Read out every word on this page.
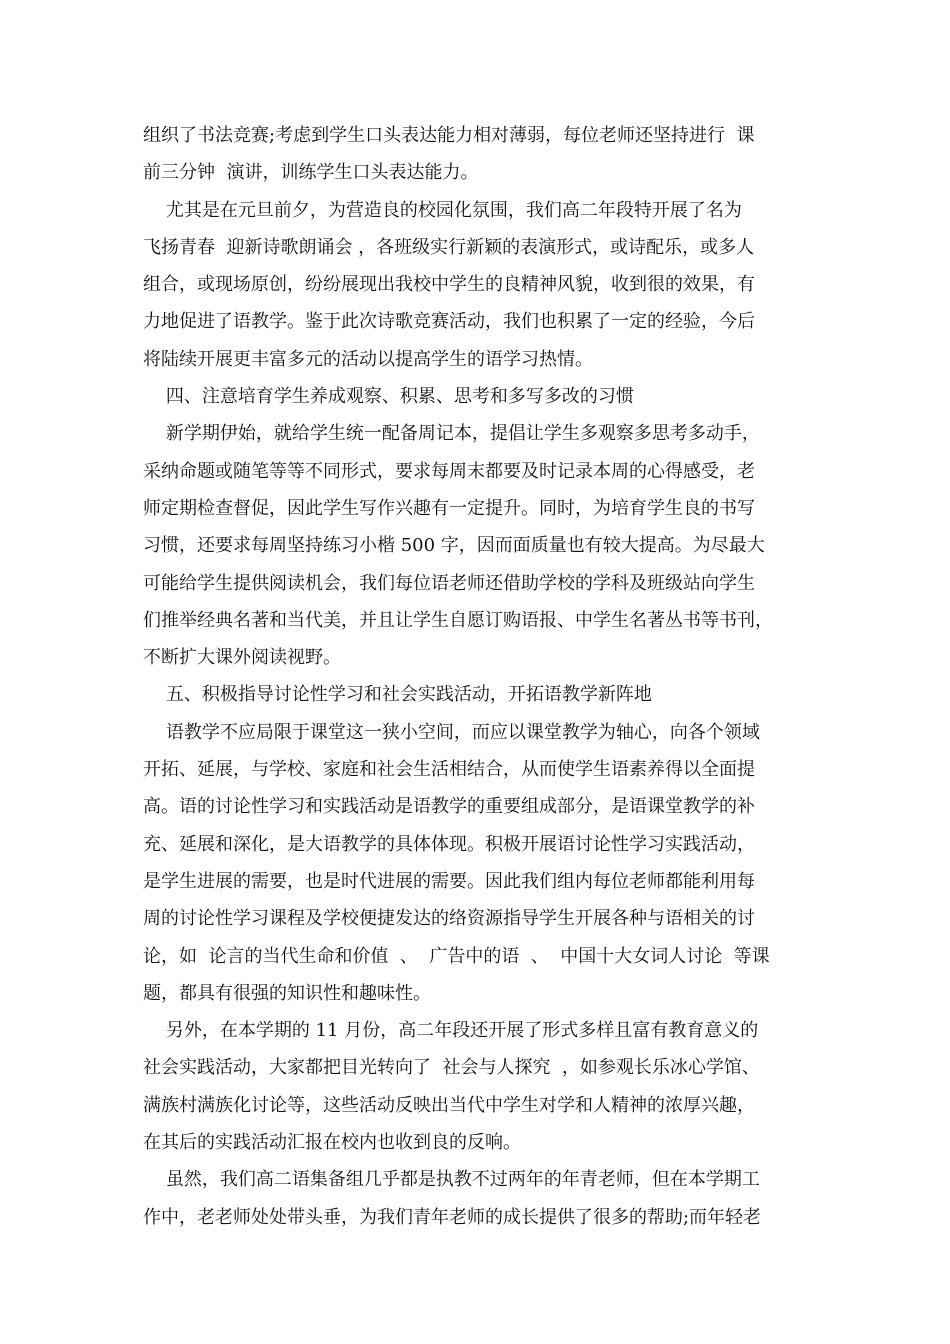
组织了书法竞赛;考虑到学生口头表达能力相对薄弱，每位老师还坚持进行  课
前三分钟  演讲，训练学生口头表达能力。
尤其是在元旦前夕，为营造良的校园化氛围，我们高二年段特开展了名为
飞扬青春  迎新诗歌朗诵会 ，各班级实行新颖的表演形式，或诗配乐，或多人
组合，或现场原创，纷纷展现出我校中学生的良精神风貌，收到很的效果，有
力地促进了语教学。鉴于此次诗歌竞赛活动，我们也积累了一定的经验，今后
将陆续开展更丰富多元的活动以提高学生的语学习热情。
四、注意培育学生养成观察、积累、思考和多写多改的习惯
新学期伊始，就给学生统一配备周记本，提倡让学生多观察多思考多动手，
采纳命题或随笔等等不同形式，要求每周末都要及时记录本周的心得感受，老
师定期检查督促，因此学生写作兴趣有一定提升。同时，为培育学生良的书写
习惯，还要求每周坚持练习小楷 500 字，因而面质量也有较大提高。为尽最大
可能给学生提供阅读机会，我们每位语老师还借助学校的学科及班级站向学生
们推举经典名著和当代美，并且让学生自愿订购语报、中学生名著丛书等书刊，
不断扩大课外阅读视野。
五、积极指导讨论性学习和社会实践活动，开拓语教学新阵地
语教学不应局限于课堂这一狭小空间，而应以课堂教学为轴心，向各个领域
开拓、延展，与学校、家庭和社会生活相结合，从而使学生语素养得以全面提
高。语的讨论性学习和实践活动是语教学的重要组成部分，是语课堂教学的补
充、延展和深化，是大语教学的具体体现。积极开展语讨论性学习实践活动，
是学生进展的需要，也是时代进展的需要。因此我们组内每位老师都能利用每
周的讨论性学习课程及学校便捷发达的络资源指导学生开展各种与语相关的讨
论，如  论言的当代生命和价值  、  广告中的语  、  中国十大女词人讨论  等课
题，都具有很强的知识性和趣味性。
另外，在本学期的 11 月份，高二年段还开展了形式多样且富有教育意义的
社会实践活动，大家都把目光转向了  社会与人探究  ，如参观长乐冰心学馆、
满族村满族化讨论等，这些活动反映出当代中学生对学和人精神的浓厚兴趣，
在其后的实践活动汇报在校内也收到良的反响。
虽然，我们高二语集备组几乎都是执教不过两年的年青老师，但在本学期工
作中，老老师处处带头垂，为我们青年老师的成长提供了很多的帮助;而年轻老
